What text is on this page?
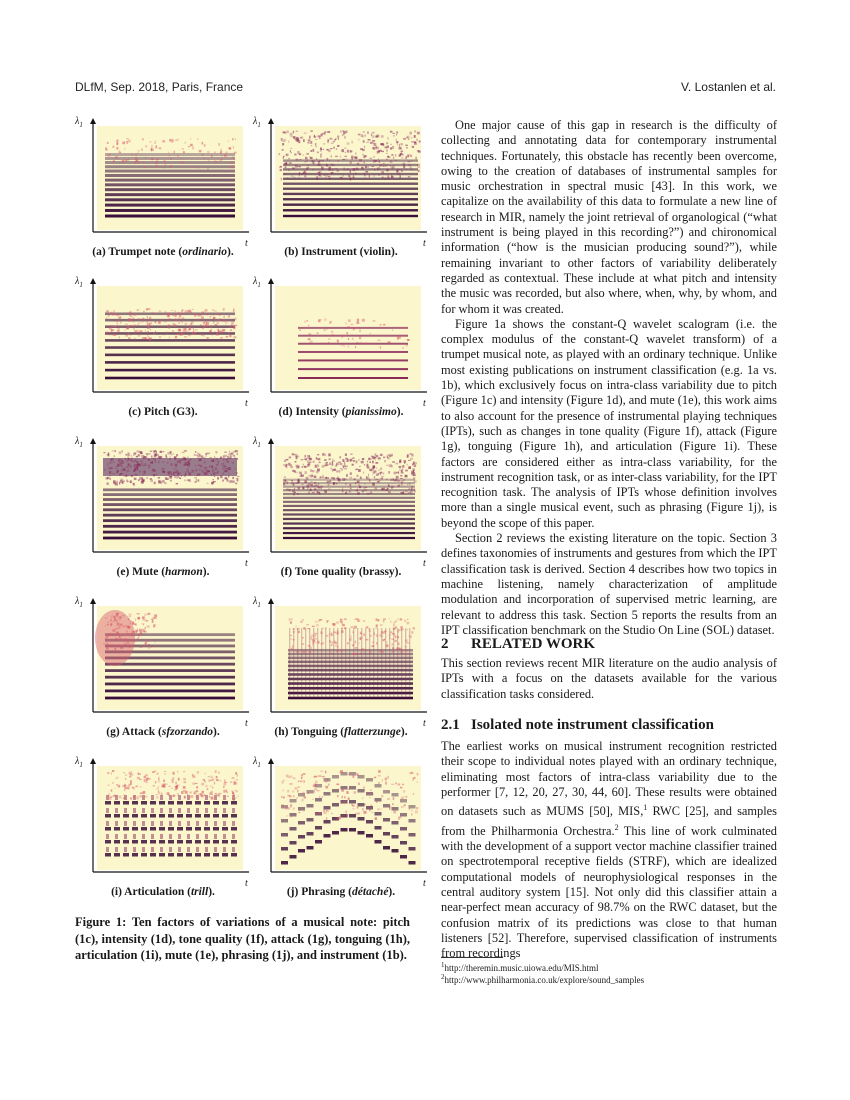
DLfM, Sep. 2018, Paris, France	V. Lostanlen et al.
$\lambda_1$
t
(a) Trumpet note (ordinario).
$\lambda_1$
t
(b) Instrument (violin).
$\lambda_1$
t
(c) Pitch (G3).
$\lambda_1$
t
(d) Intensity (pianissimo).
$\lambda_1$
t
(e) Mute (harmon).
$\lambda_1$
t
(f) Tone quality (brassy).
$\lambda_1$
t
(g) Attack (sfzorzando).
$\lambda_1$
t
(h) Tonguing (flatterzunge).
$\lambda_1$
t
(i) Articulation (trill).
$\lambda_1$
t
(j) Phrasing (détaché).
Figure 1: Ten factors of variations of a musical note: pitch (1c), intensity (1d), tone quality (1f), attack (1g), tonguing (1h), articulation (1i), mute (1e), phrasing (1j), and instrument (1b).

One major cause of this gap in research is the difficulty of collecting and annotating data for contemporary instrumental techniques. Fortunately, this obstacle has recently been overcome, owing to the creation of databases of instrumental samples for music orchestration in spectral music [43]. In this work, we capitalize on the availability of this data to formulate a new line of research in MIR, namely the joint retrieval of organological (“what instrument is being played in this recording?”) and chironomical information (“how is the musician producing sound?”), while remaining invariant to other factors of variability deliberately regarded as contextual. These include at what pitch and intensity the music was recorded, but also where, when, why, by whom, and for whom it was created.

Figure 1a shows the constant-Q wavelet scalogram (i.e. the complex modulus of the constant-Q wavelet transform) of a trumpet musical note, as played with an ordinary technique. Unlike most existing publications on instrument classification (e.g. 1a vs. 1b), which exclusively focus on intra-class variability due to pitch (Figure 1c) and intensity (Figure 1d), and mute (1e), this work aims to also account for the presence of instrumental playing techniques (IPTs), such as changes in tone quality (Figure 1f), attack (Figure 1g), tonguing (Figure 1h), and articulation (Figure 1i). These factors are considered either as intra-class variability, for the instrument recognition task, or as inter-class variability, for the IPT recognition task. The analysis of IPTs whose definition involves more than a single musical event, such as phrasing (Figure 1j), is beyond the scope of this paper.

Section 2 reviews the existing literature on the topic. Section 3 defines taxonomies of instruments and gestures from which the IPT classification task is derived. Section 4 describes how two topics in machine listening, namely characterization of amplitude modulation and incorporation of supervised metric learning, are relevant to address this task. Section 5 reports the results from an IPT classification benchmark on the Studio On Line (SOL) dataset.

2 RELATED WORK

This section reviews recent MIR literature on the audio analysis of IPTs with a focus on the datasets available for the various classification tasks considered.

2.1 Isolated note instrument classification

The earliest works on musical instrument recognition restricted their scope to individual notes played with an ordinary technique, eliminating most factors of intra-class variability due to the performer [7, 12, 20, 27, 30, 44, 60]. These results were obtained on datasets such as MUMS [50], MIS,$^1$ RWC [25], and samples from the Philharmonia Orchestra.$^2$ This line of work culminated with the development of a support vector machine classifier trained on spectrotemporal receptive fields (STRF), which are idealized computational models of neurophysiological responses in the central auditory system [15]. Not only did this classifier attain a near-perfect mean accuracy of 98.7% on the RWC dataset, but the confusion matrix of its predictions was close to that human listeners [52]. Therefore, supervised classification of instruments from recordings

$^1$http://theremin.music.uiowa.edu/MIS.html
$^2$http://www.philharmonia.co.uk/explore/sound_samples
